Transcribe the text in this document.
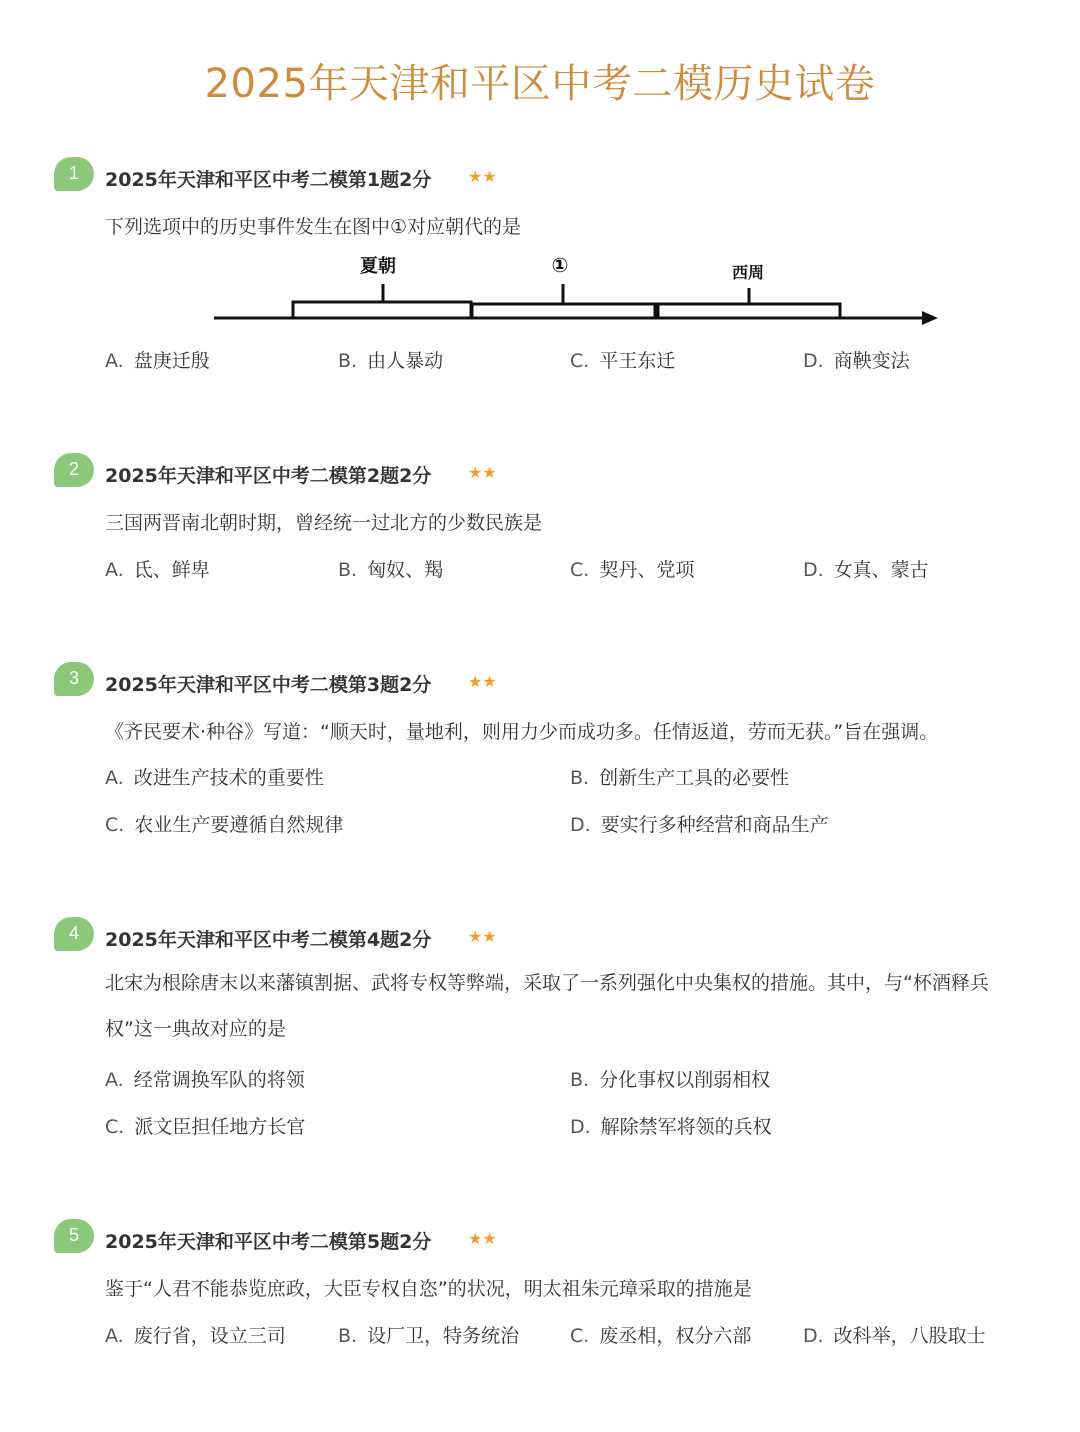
2025年天津和平区中考二模历史试卷
1	2025年天津和平区中考二模第1题2分 ★★
下列选项中的历史事件发生在图中①对应朝代的是
夏朝	①	西周
A. 盘庚迁殷	B. 由人暴动	C. 平王东迁	D. 商鞅变法
2	2025年天津和平区中考二模第2题2分 ★★
三国两晋南北朝时期，曾经统一过北方的少数民族是
A. 氐、鲜卑	B. 匈奴、羯	C. 契丹、党项	D. 女真、蒙古
3	2025年天津和平区中考二模第3题2分 ★★
《齐民要术·种谷》写道：“顺天时，量地利，则用力少而成功多。任情返道，劳而无获。”旨在强调。
A. 改进生产技术的重要性	B. 创新生产工具的必要性
C. 农业生产要遵循自然规律	D. 要实行多种经营和商品生产
4	2025年天津和平区中考二模第4题2分 ★★
北宋为根除唐末以来藩镇割据、武将专权等弊端，采取了一系列强化中央集权的措施。其中，与“杯酒释兵权”这一典故对应的是
A. 经常调换军队的将领	B. 分化事权以削弱相权
C. 派文臣担任地方长官	D. 解除禁军将领的兵权
5	2025年天津和平区中考二模第5题2分 ★★
鉴于“人君不能恭览庶政，大臣专权自恣”的状况，明太祖朱元璋采取的措施是
A. 废行省，设立三司	B. 设厂卫，特务统治	C. 废丞相，权分六部	D. 改科举，八股取士
